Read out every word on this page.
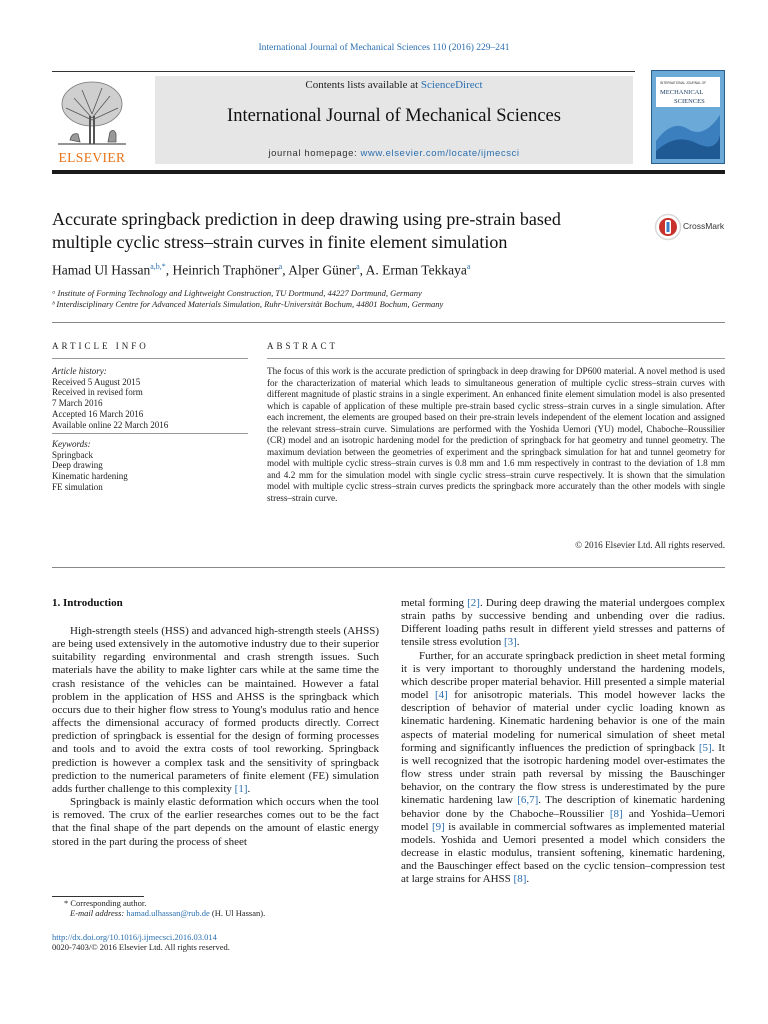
International Journal of Mechanical Sciences 110 (2016) 229–241
ELSEVIER
Contents lists available at ScienceDirect
International Journal of Mechanical Sciences
journal homepage: www.elsevier.com/locate/ijmecsci
INTERNATIONAL JOURNAL OF
MECHANICAL
SCIENCES
Accurate springback prediction in deep drawing using pre-strain based
multiple cyclic stress–strain curves in finite element simulation
CrossMark
Hamad Ul Hassan$^{a,b,*}$, Heinrich Traphöner$^a$, Alper Güner$^a$, A. Erman Tekkaya$^a$
ᵃ Institute of Forming Technology and Lightweight Construction, TU Dortmund, 44227 Dortmund, Germany
ᵇ Interdisciplinary Centre for Advanced Materials Simulation, Ruhr-Universität Bochum, 44801 Bochum, Germany
ARTICLE INFO
Article history:
Received 5 August 2015
Received in revised form
7 March 2016
Accepted 16 March 2016
Available online 22 March 2016
Keywords:
Springback
Deep drawing
Kinematic hardening
FE simulation
ABSTRACT
The focus of this work is the accurate prediction of springback in deep drawing for DP600 material. A novel method is used for the characterization of material which leads to simultaneous generation of multiple cyclic stress–strain curves with different magnitude of plastic strains in a single experiment. An enhanced finite element simulation model is also presented which is capable of application of these multiple pre-strain based cyclic stress–strain curves in a single simulation. After each increment, the elements are grouped based on their pre-strain levels independent of the element location and assigned the relevant stress–strain curve. Simulations are performed with the Yoshida Uemori (YU) model, Chaboche–Roussilier (CR) model and an isotropic hardening model for the prediction of springback for hat geometry and tunnel geometry. The maximum deviation between the geometries of experiment and the springback simulation for hat and tunnel geometry for model with multiple cyclic stress–strain curves is 0.8 mm and 1.6 mm respectively in contrast to the deviation of 1.8 mm and 4.2 mm for the simulation model with single cyclic stress–strain curve respectively. It is shown that the simulation model with multiple cyclic stress–strain curves predicts the springback more accurately than the other models with single stress–strain curve.
© 2016 Elsevier Ltd. All rights reserved.
1. Introduction

High-strength steels (HSS) and advanced high-strength steels (AHSS) are being used extensively in the automotive industry due to their superior suitability regarding environmental and crash strength issues. Such materials have the ability to make lighter cars while at the same time the crash resistance of the vehicles can be maintained. However a fatal problem in the application of HSS and AHSS is the springback which occurs due to their higher flow stress to Young's modulus ratio and hence affects the dimensional accuracy of formed products directly. Correct prediction of springback is essential for the design of forming processes and tools and to avoid the extra costs of tool reworking. Springback prediction is however a complex task and the sensitivity of springback prediction to the numerical parameters of finite element (FE) simulation adds further challenge to this complexity [1].

Springback is mainly elastic deformation which occurs when the tool is removed. The crux of the earlier researches comes out to be the fact that the final shape of the part depends on the amount of elastic energy stored in the part during the process of sheet

metal forming [2]. During deep drawing the material undergoes complex strain paths by successive bending and unbending over die radius. Different loading paths result in different yield stresses and patterns of tensile stress evolution [3].

Further, for an accurate springback prediction in sheet metal forming it is very important to thoroughly understand the hardening models, which describe proper material behavior. Hill presented a simple material model [4] for anisotropic materials. This model however lacks the description of behavior of material under cyclic loading known as kinematic hardening. Kinematic hardening behavior is one of the main aspects of material modeling for numerical simulation of sheet metal forming and significantly influences the prediction of springback [5]. It is well recognized that the isotropic hardening model over-estimates the flow stress under strain path reversal by missing the Bauschinger behavior, on the contrary the flow stress is underestimated by the pure kinematic hardening law [6,7]. The description of kinematic hardening behavior done by the Chaboche–Roussilier [8] and Yoshida–Uemori model [9] is available in commercial softwares as implemented material models. Yoshida and Uemori presented a model which considers the decrease in elastic modulus, transient softening, kinematic hardening, and the Bauschinger effect based on the cyclic tension–compression test at large strains for AHSS [8].

* Corresponding author.
E-mail address: hamad.ulhassan@rub.de (H. Ul Hassan).
http://dx.doi.org/10.1016/j.ijmecsci.2016.03.014
0020-7403/© 2016 Elsevier Ltd. All rights reserved.
